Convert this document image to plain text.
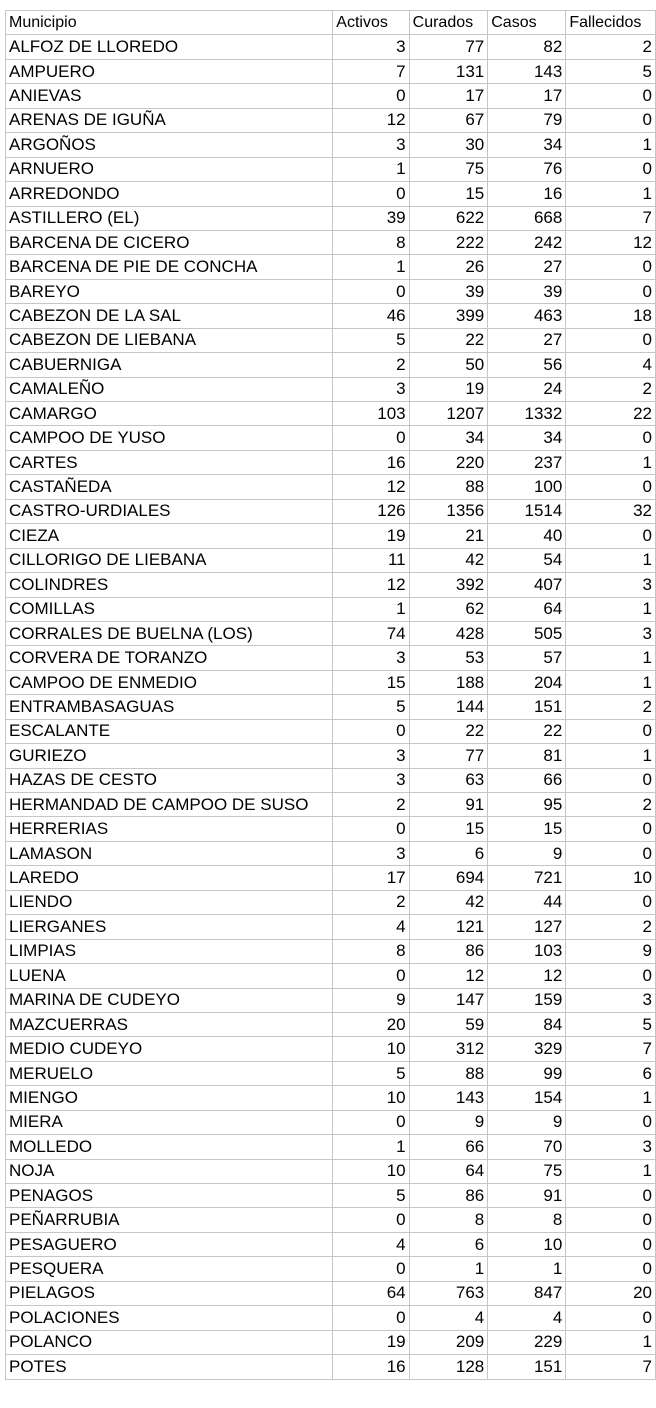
Municipio	Activos	Curados	Casos	Fallecidos
ALFOZ DE LLOREDO	3	77	82	2
AMPUERO	7	131	143	5
ANIEVAS	0	17	17	0
ARENAS DE IGUÑA	12	67	79	0
ARGOÑOS	3	30	34	1
ARNUERO	1	75	76	0
ARREDONDO	0	15	16	1
ASTILLERO (EL)	39	622	668	7
BARCENA DE CICERO	8	222	242	12
BARCENA DE PIE DE CONCHA	1	26	27	0
BAREYO	0	39	39	0
CABEZON DE LA SAL	46	399	463	18
CABEZON DE LIEBANA	5	22	27	0
CABUERNIGA	2	50	56	4
CAMALEÑO	3	19	24	2
CAMARGO	103	1207	1332	22
CAMPOO DE YUSO	0	34	34	0
CARTES	16	220	237	1
CASTAÑEDA	12	88	100	0
CASTRO-URDIALES	126	1356	1514	32
CIEZA	19	21	40	0
CILLORIGO DE LIEBANA	11	42	54	1
COLINDRES	12	392	407	3
COMILLAS	1	62	64	1
CORRALES DE BUELNA (LOS)	74	428	505	3
CORVERA DE TORANZO	3	53	57	1
CAMPOO DE ENMEDIO	15	188	204	1
ENTRAMBASAGUAS	5	144	151	2
ESCALANTE	0	22	22	0
GURIEZO	3	77	81	1
HAZAS DE CESTO	3	63	66	0
HERMANDAD DE CAMPOO DE SUSO	2	91	95	2
HERRERIAS	0	15	15	0
LAMASON	3	6	9	0
LAREDO	17	694	721	10
LIENDO	2	42	44	0
LIERGANES	4	121	127	2
LIMPIAS	8	86	103	9
LUENA	0	12	12	0
MARINA DE CUDEYO	9	147	159	3
MAZCUERRAS	20	59	84	5
MEDIO CUDEYO	10	312	329	7
MERUELO	5	88	99	6
MIENGO	10	143	154	1
MIERA	0	9	9	0
MOLLEDO	1	66	70	3
NOJA	10	64	75	1
PENAGOS	5	86	91	0
PEÑARRUBIA	0	8	8	0
PESAGUERO	4	6	10	0
PESQUERA	0	1	1	0
PIELAGOS	64	763	847	20
POLACIONES	0	4	4	0
POLANCO	19	209	229	1
POTES	16	128	151	7
